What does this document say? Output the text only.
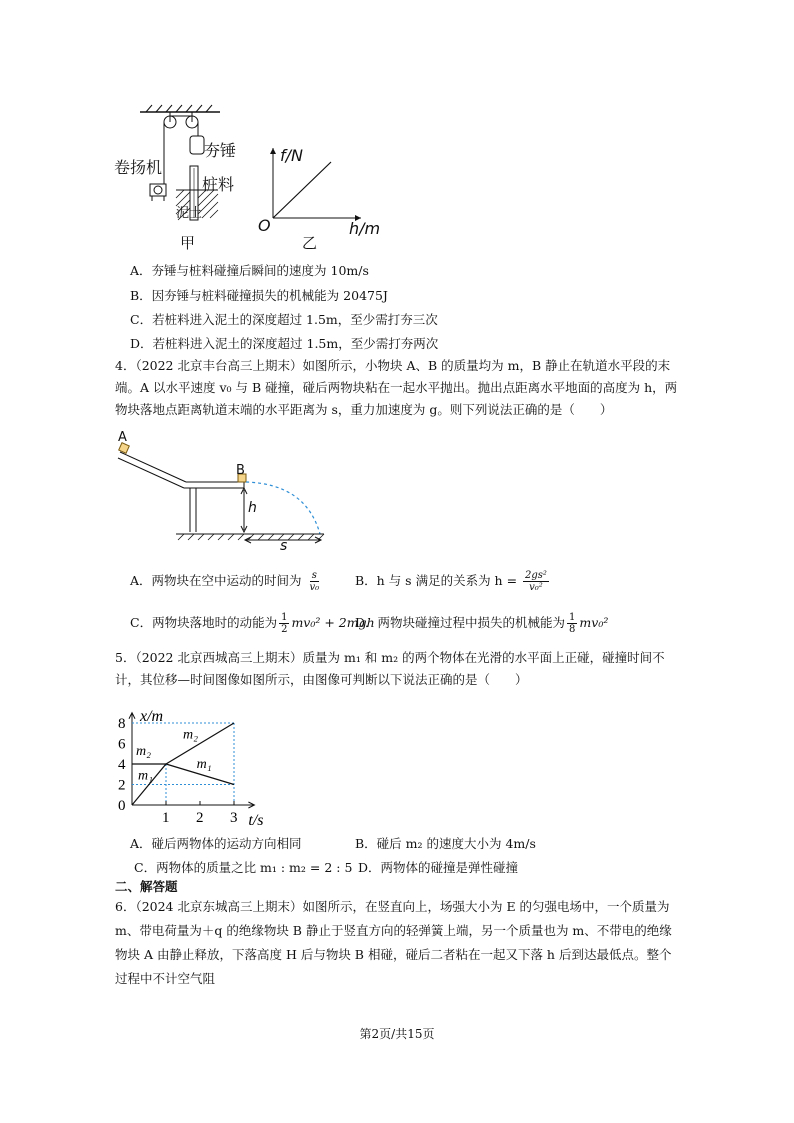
卷扬机
夯锤
桩料
泥土
甲
f/N
h/m
O
乙
A．夯锤与桩料碰撞后瞬间的速度为 10m/s
B．因夯锤与桩料碰撞损失的机械能为 20475J
C．若桩料进入泥土的深度超过 1.5m，至少需打夯三次
D．若桩料进入泥土的深度超过 1.5m，至少需打夯两次
4．（2022 北京丰台高三上期末）如图所示，小物块 A、B 的质量均为 m，B 静止在轨道水平段的末端。A 以水平速度 v₀ 与 B 碰撞，碰后两物块粘在一起水平抛出。抛出点距离水平地面的高度为 h，两物块落地点距离轨道末端的水平距离为 s，重力加速度为 g。则下列说法正确的是（　　）
A
B
h
s
A．两物块在空中运动的时间为 $\frac{s}{\text{v₀}}$	B．h 与 s 满足的关系为 $h = \frac{\text{2gs²}}{\text{v₀²}}$
C．两物块落地时的动能为 $\frac{1}{2} mv_0^2 + 2mgh$
D．两物块碰撞过程中损失的机械能为 $\frac{1}{8} mv_0^2$
5．（2022 北京西城高三上期末）质量为 m₁ 和 m₂ 的两个物体在光滑的水平面上正碰，碰撞时间不计，其位移—时间图像如图所示，由图像可判断以下说法正确的是（　　）
0
2
4
6
8
1 2 3
x/m
t/s
m₂
m₂
m₁
m₁
A．碰后两物体的运动方向相同	B．碰后 m₂ 的速度大小为 4m/s
C．两物体的质量之比 m₁ : m₂ = 2 : 5 D．两物体的碰撞是弹性碰撞
二、解答题
6．（2024 北京东城高三上期末）如图所示，在竖直向上，场强大小为 E 的匀强电场中，一个质量为 m、带电荷量为＋q 的绝缘物块 B 静止于竖直方向的轻弹簧上端，另一个质量也为 m、不带电的绝缘物块 A 由静止释放，下落高度 H 后与物块 B 相碰，碰后二者粘在一起又下落 h 后到达最低点。整个过程中不计空气阻
第2页/共15页
